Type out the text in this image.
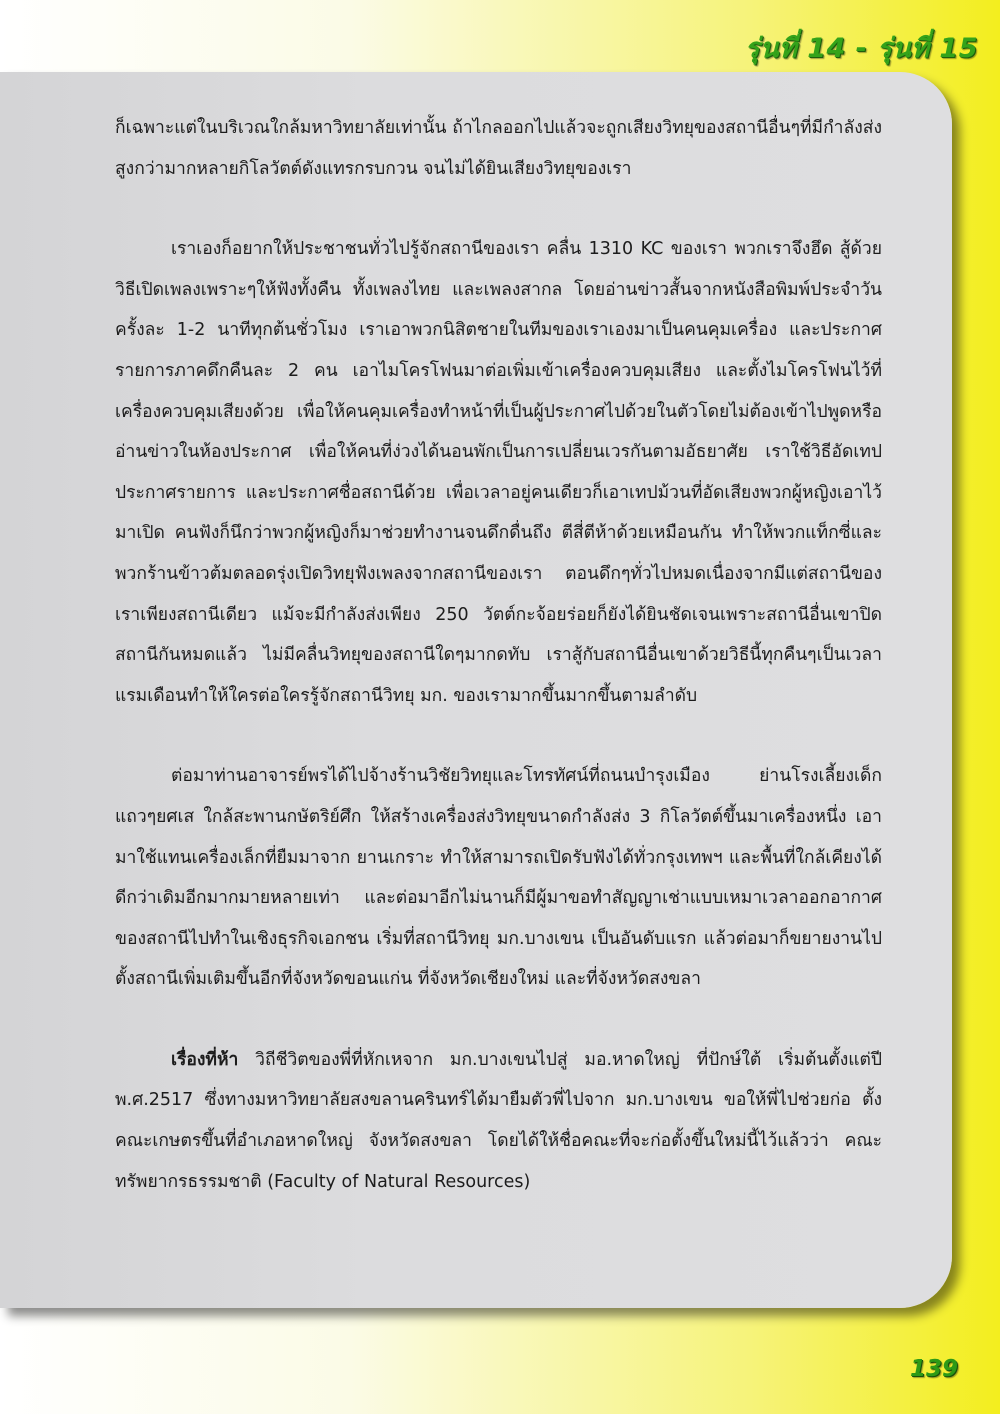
รุ่นที่ 14 - รุ่นที่ 15

ก็เฉพาะแต่ในบริเวณใกล้มหาวิทยาลัยเท่านั้น ถ้าไกลออกไปแล้วจะถูกเสียงวิทยุของสถานีอื่นๆที่มีกำลังส่งสูงกว่ามากหลายกิโลวัตต์ดังแทรกรบกวน จนไม่ได้ยินเสียงวิทยุของเรา

เราเองก็อยากให้ประชาชนทั่วไปรู้จักสถานีของเรา คลื่น 1310 KC ของเรา พวกเราจึงฮึด สู้ด้วยวิธีเปิดเพลงเพราะๆให้ฟังทั้งคืน ทั้งเพลงไทย และเพลงสากล โดยอ่านข่าวสั้นจากหนังสือพิมพ์ประจำวันครั้งละ 1-2 นาทีทุกต้นชั่วโมง เราเอาพวกนิสิตชายในทีมของเราเองมาเป็นคนคุมเครื่อง และประกาศรายการภาคดึกคืนละ 2 คน เอาไมโครโฟนมาต่อเพิ่มเข้าเครื่องควบคุมเสียง และตั้งไมโครโฟนไว้ที่เครื่องควบคุมเสียงด้วย เพื่อให้คนคุมเครื่องทำหน้าที่เป็นผู้ประกาศไปด้วยในตัวโดยไม่ต้องเข้าไปพูดหรืออ่านข่าวในห้องประกาศ เพื่อให้คนที่ง่วงได้นอนพักเป็นการเปลี่ยนเวรกันตามอัธยาศัย เราใช้วิธีอัดเทปประกาศรายการ และประกาศชื่อสถานีด้วย เพื่อเวลาอยู่คนเดียวก็เอาเทปม้วนที่อัดเสียงพวกผู้หญิงเอาไว้มาเปิด คนฟังก็นึกว่าพวกผู้หญิงก็มาช่วยทำงานจนดึกดื่นถึง ตีสี่ตีห้าด้วยเหมือนกัน ทำให้พวกแท็กซี่และพวกร้านข้าวต้มตลอดรุ่งเปิดวิทยุฟังเพลงจากสถานีของเรา ตอนดึกๆทั่วไปหมดเนื่องจากมีแต่สถานีของเราเพียงสถานีเดียว แม้จะมีกำลังส่งเพียง 250 วัตต์กะจ้อยร่อยก็ยังได้ยินชัดเจนเพราะสถานีอื่นเขาปิดสถานีกันหมดแล้ว ไม่มีคลื่นวิทยุของสถานีใดๆมากดทับ เราสู้กับสถานีอื่นเขาด้วยวิธีนี้ทุกคืนๆเป็นเวลาแรมเดือนทำให้ใครต่อใครรู้จักสถานีวิทยุ มก. ของเรามากขึ้นมากขึ้นตามลำดับ

ต่อมาท่านอาจารย์พรได้ไปจ้างร้านวิชัยวิทยุและโทรทัศน์ที่ถนนบำรุงเมือง ย่านโรงเลี้ยงเด็ก แถวๆยศเส ใกล้สะพานกษัตริย์ศึก ให้สร้างเครื่องส่งวิทยุขนาดกำลังส่ง 3 กิโลวัตต์ขึ้นมาเครื่องหนึ่ง เอามาใช้แทนเครื่องเล็กที่ยืมมาจาก ยานเกราะ ทำให้สามารถเปิดรับฟังได้ทั่วกรุงเทพฯ และพื้นที่ใกล้เคียงได้ดีกว่าเดิมอีกมากมายหลายเท่า และต่อมาอีกไม่นานก็มีผู้มาขอทำสัญญาเช่าแบบเหมาเวลาออกอากาศของสถานีไปทำในเชิงธุรกิจเอกชน เริ่มที่สถานีวิทยุ มก.บางเขน เป็นอันดับแรก แล้วต่อมาก็ขยายงานไปตั้งสถานีเพิ่มเติมขึ้นอีกที่จังหวัดขอนแก่น ที่จังหวัดเชียงใหม่ และที่จังหวัดสงขลา

เรื่องที่ห้า วิถีชีวิตของพี่ที่หักเหจาก มก.บางเขนไปสู่ มอ.หาดใหญ่ ที่ปักษ์ใต้ เริ่มต้นตั้งแต่ปี พ.ศ.2517 ซึ่งทางมหาวิทยาลัยสงขลานครินทร์ได้มายืมตัวพี่ไปจาก มก.บางเขน ขอให้พี่ไปช่วยก่อ ตั้งคณะเกษตรขึ้นที่อำเภอหาดใหญ่ จังหวัดสงขลา โดยได้ให้ชื่อคณะที่จะก่อตั้งขึ้นใหม่นี้ไว้แล้วว่า คณะทรัพยากรธรรมชาติ (Faculty of Natural Resources)

139
